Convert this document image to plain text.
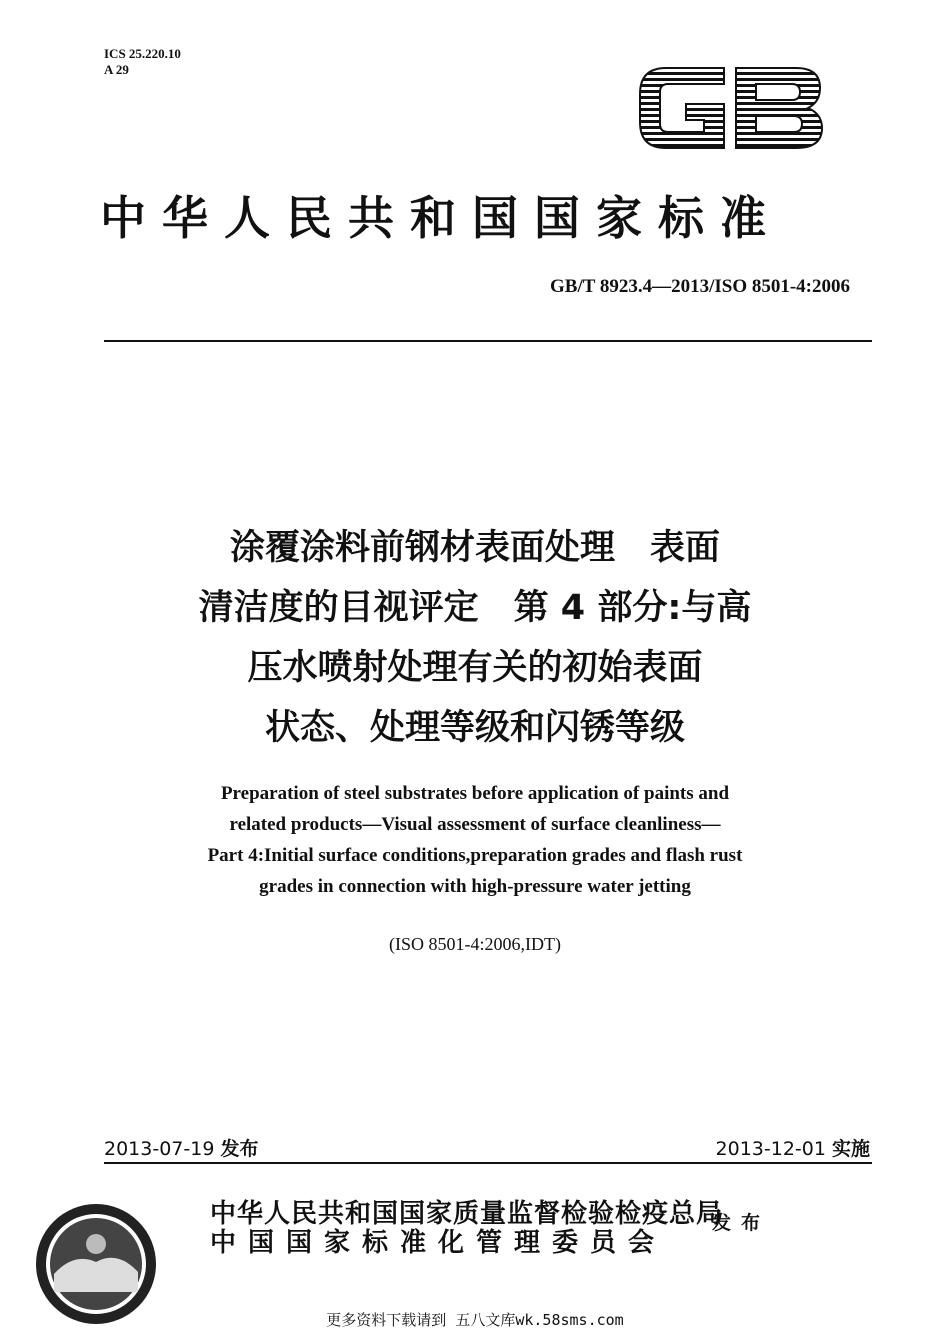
ICS 25.220.10
A 29
中华人民共和国国家标准
GB/T 8923.4—2013/ISO 8501-4:2006
涂覆涂料前钢材表面处理　表面
清洁度的目视评定　第 4 部分:与高
压水喷射处理有关的初始表面
状态、处理等级和闪锈等级
Preparation of steel substrates before application of paints and
related products—Visual assessment of surface cleanliness—
Part 4:Initial surface conditions,preparation grades and flash rust
grades in connection with high-pressure water jetting
(ISO 8501-4:2006,IDT)
2013-07-19 发布	2013-12-01 实施
中华人民共和国国家质量监督检验检疫总局
中国国家标准化管理委员会
发布
更多资料下载请到 五八文库wk.58sms.com
